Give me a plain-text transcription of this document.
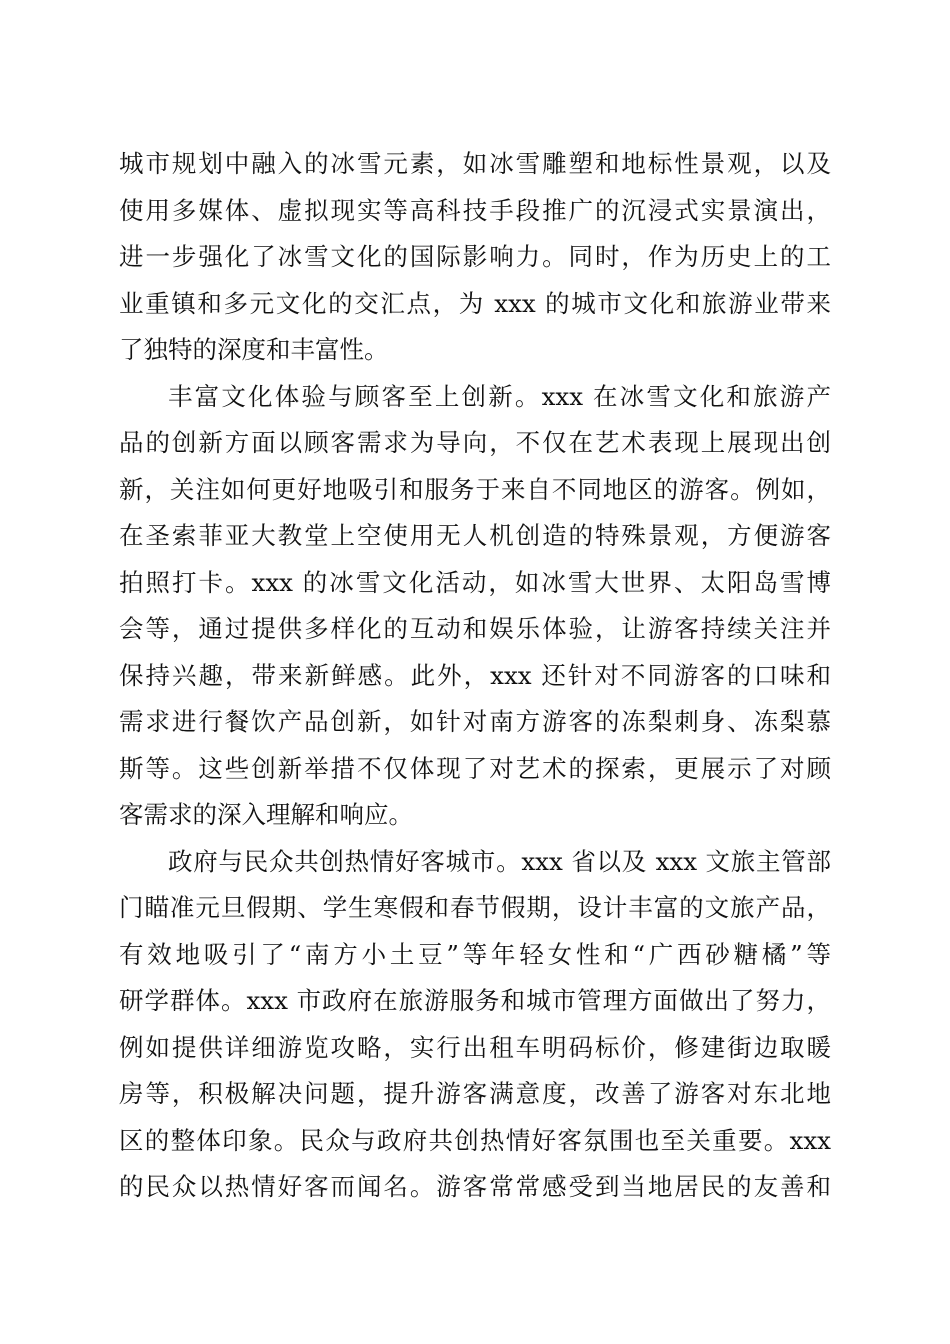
城市规划中融入的冰雪元素，如冰雪雕塑和地标性景观，以及
使用多媒体、虚拟现实等高科技手段推广的沉浸式实景演出，
进一步强化了冰雪文化的国际影响力。同时，作为历史上的工
业重镇和多元文化的交汇点，为 xxx 的城市文化和旅游业带来
了独特的深度和丰富性。
丰富文化体验与顾客至上创新。xxx 在冰雪文化和旅游产
品的创新方面以顾客需求为导向，不仅在艺术表现上展现出创
新，关注如何更好地吸引和服务于来自不同地区的游客。例如，
在圣索菲亚大教堂上空使用无人机创造的特殊景观，方便游客
拍照打卡。xxx 的冰雪文化活动，如冰雪大世界、太阳岛雪博
会等，通过提供多样化的互动和娱乐体验，让游客持续关注并
保持兴趣，带来新鲜感。此外，xxx 还针对不同游客的口味和
需求进行餐饮产品创新，如针对南方游客的冻梨刺身、冻梨慕
斯等。这些创新举措不仅体现了对艺术的探索，更展示了对顾
客需求的深入理解和响应。
政府与民众共创热情好客城市。xxx 省以及 xxx 文旅主管部
门瞄准元旦假期、学生寒假和春节假期，设计丰富的文旅产品，
有效地吸引了“南方小土豆”等年轻女性和“广西砂糖橘”等
研学群体。xxx 市政府在旅游服务和城市管理方面做出了努力，
例如提供详细游览攻略，实行出租车明码标价，修建街边取暖
房等，积极解决问题，提升游客满意度，改善了游客对东北地
区的整体印象。民众与政府共创热情好客氛围也至关重要。xxx
的民众以热情好客而闻名。游客常常感受到当地居民的友善和
